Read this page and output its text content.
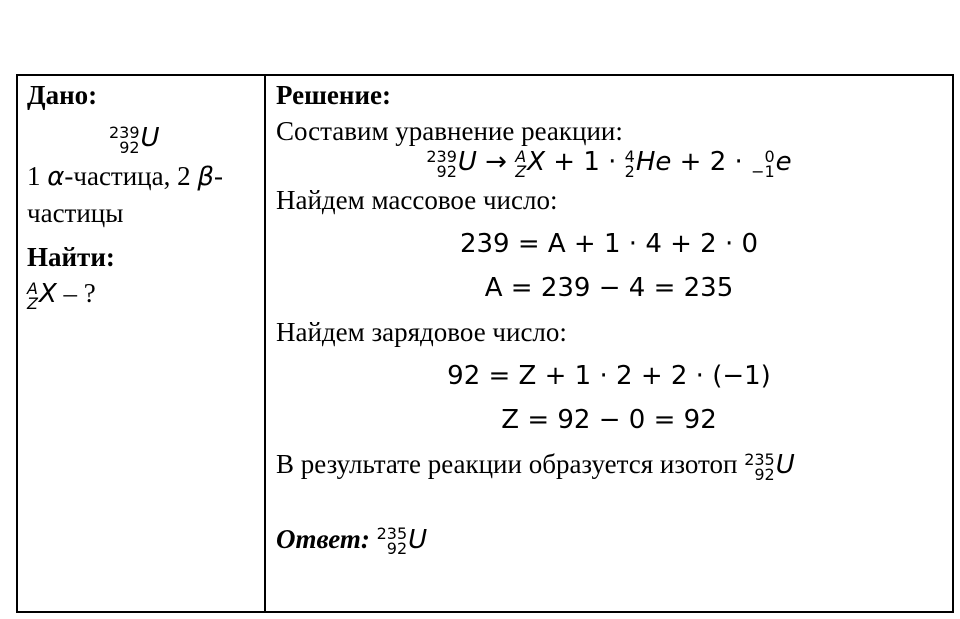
Дано:

239
92 U

1 α-частица, 2 β-

частицы

Найти:

A
Z X – ?

Решение:

Составим уравнение реакции:

239
92 U → A
Z X + 1 · 4
2 He + 2 · 0
−1 e

Найдем массовое число:

239 = A + 1 · 4 + 2 · 0

A = 239 − 4 = 235

Найдем зарядовое число:

92 = Z + 1 · 2 + 2 · (−1)

Z = 92 − 0 = 92

В результате реакции образуется изотоп 235
92 U

Ответ: 235
92 U
